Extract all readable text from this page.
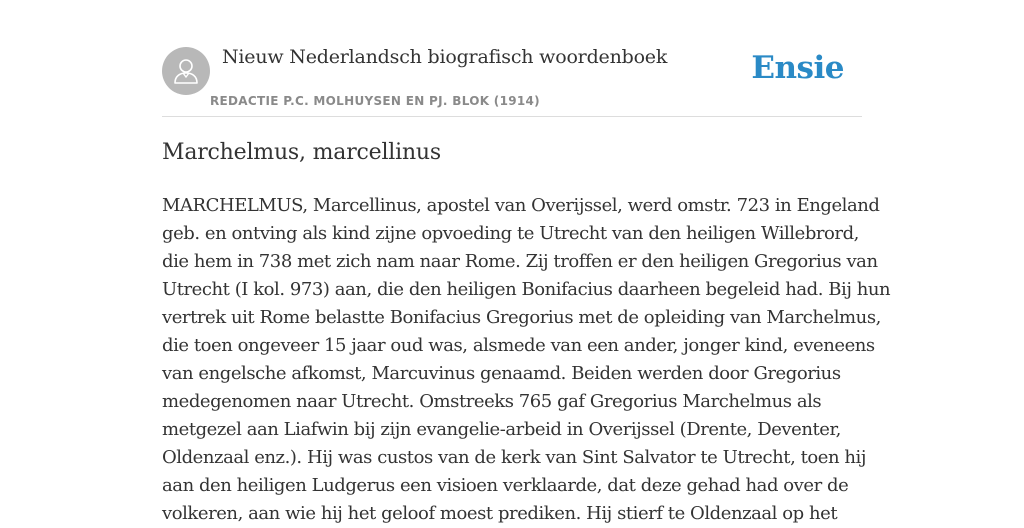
Nieuw Nederlandsch biografisch woordenboek
REDACTIE P.C. MOLHUYSEN EN PJ. BLOK (1914)
Ensie
Marchelmus, marcellinus
MARCHELMUS, Marcellinus, apostel van Overijssel, werd omstr. 723 in Engeland
geb. en ontving als kind zijne opvoeding te Utrecht van den heiligen Willebrord,
die hem in 738 met zich nam naar Rome. Zij troffen er den heiligen Gregorius van
Utrecht (I kol. 973) aan, die den heiligen Bonifacius daarheen begeleid had. Bij hun
vertrek uit Rome belastte Bonifacius Gregorius met de opleiding van Marchelmus,
die toen ongeveer 15 jaar oud was, alsmede van een ander, jonger kind, eveneens
van engelsche afkomst, Marcuvinus genaamd. Beiden werden door Gregorius
medegenomen naar Utrecht. Omstreeks 765 gaf Gregorius Marchelmus als
metgezel aan Liafwin bij zijn evangelie-arbeid in Overijssel (Drente, Deventer,
Oldenzaal enz.). Hij was custos van de kerk van Sint Salvator te Utrecht, toen hij
aan den heiligen Ludgerus een visioen verklaarde, dat deze gehad had over de
volkeren, aan wie hij het geloof moest prediken. Hij stierf te Oldenzaal op het
